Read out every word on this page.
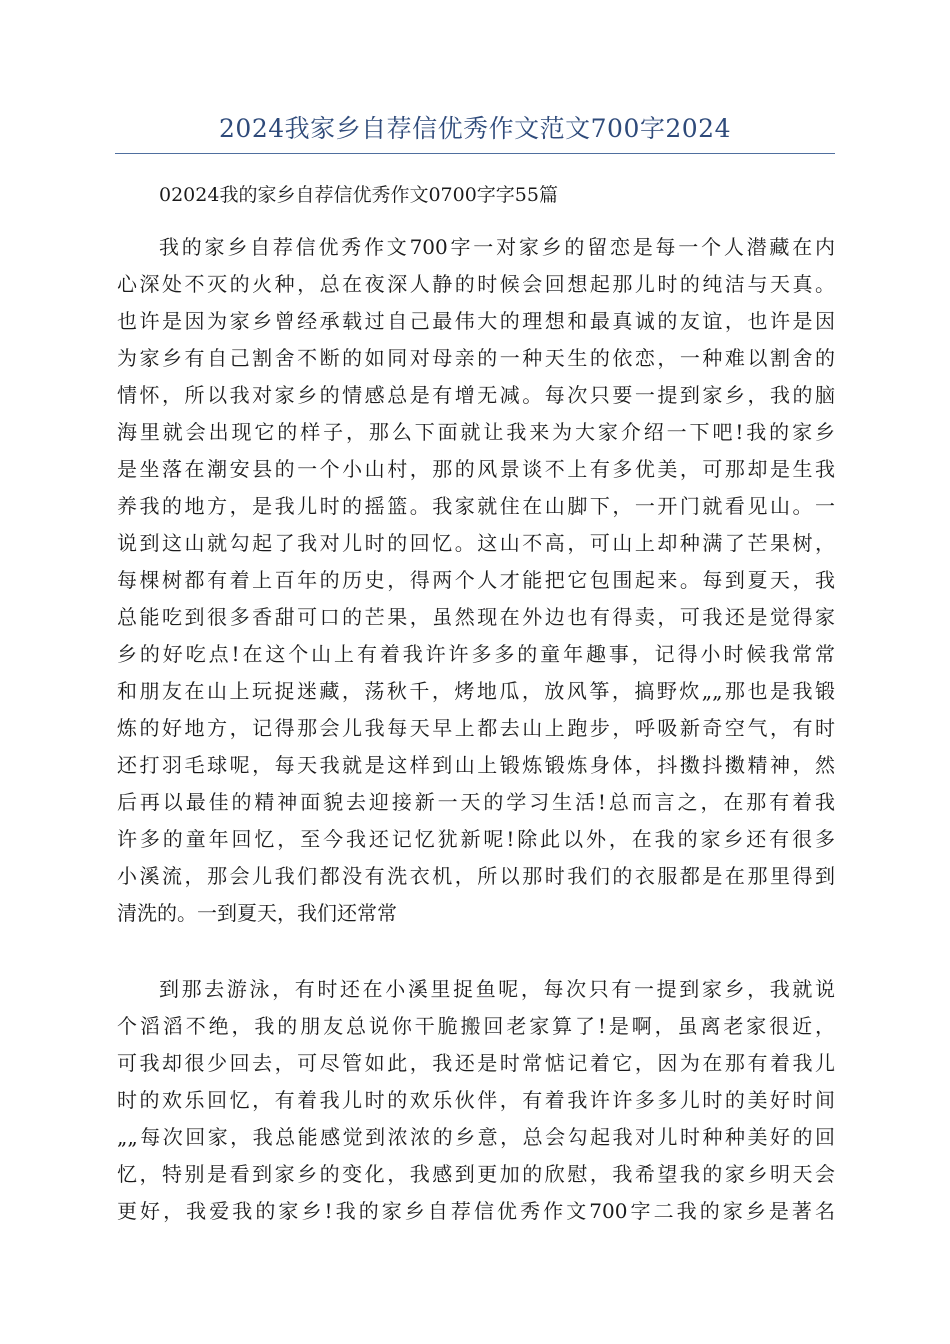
2024我家乡自荐信优秀作文范文700字2024
02024我的家乡自荐信优秀作文0700字字55篇
我的家乡自荐信优秀作文700字一对家乡的留恋是每一个人潜藏在内
心深处不灭的火种，总在夜深人静的时候会回想起那儿时的纯洁与天真。
也许是因为家乡曾经承载过自己最伟大的理想和最真诚的友谊，也许是因
为家乡有自己割舍不断的如同对母亲的一种天生的依恋，一种难以割舍的
情怀，所以我对家乡的情感总是有增无减。每次只要一提到家乡，我的脑
海里就会出现它的样子，那么下面就让我来为大家介绍一下吧!我的家乡
是坐落在潮安县的一个小山村，那的风景谈不上有多优美，可那却是生我
养我的地方，是我儿时的摇篮。我家就住在山脚下，一开门就看见山。一
说到这山就勾起了我对儿时的回忆。这山不高，可山上却种满了芒果树，
每棵树都有着上百年的历史，得两个人才能把它包围起来。每到夏天，我
总能吃到很多香甜可口的芒果，虽然现在外边也有得卖，可我还是觉得家
乡的好吃点!在这个山上有着我许许多多的童年趣事，记得小时候我常常
和朋友在山上玩捉迷藏，荡秋千，烤地瓜，放风筝，搞野炊„„那也是我锻
炼的好地方，记得那会儿我每天早上都去山上跑步，呼吸新奇空气，有时
还打羽毛球呢，每天我就是这样到山上锻炼锻炼身体，抖擞抖擞精神，然
后再以最佳的精神面貌去迎接新一天的学习生活!总而言之，在那有着我
许多的童年回忆，至今我还记忆犹新呢!除此以外，在我的家乡还有很多
小溪流，那会儿我们都没有洗衣机，所以那时我们的衣服都是在那里得到
清洗的。一到夏天，我们还常常
到那去游泳，有时还在小溪里捉鱼呢，每次只有一提到家乡，我就说
个滔滔不绝，我的朋友总说你干脆搬回老家算了!是啊，虽离老家很近，
可我却很少回去，可尽管如此，我还是时常惦记着它，因为在那有着我儿
时的欢乐回忆，有着我儿时的欢乐伙伴，有着我许许多多儿时的美好时间
„„每次回家，我总能感觉到浓浓的乡意，总会勾起我对儿时种种美好的回
忆，特别是看到家乡的变化，我感到更加的欣慰，我希望我的家乡明天会
更好，我爱我的家乡!我的家乡自荐信优秀作文700字二我的家乡是著名
